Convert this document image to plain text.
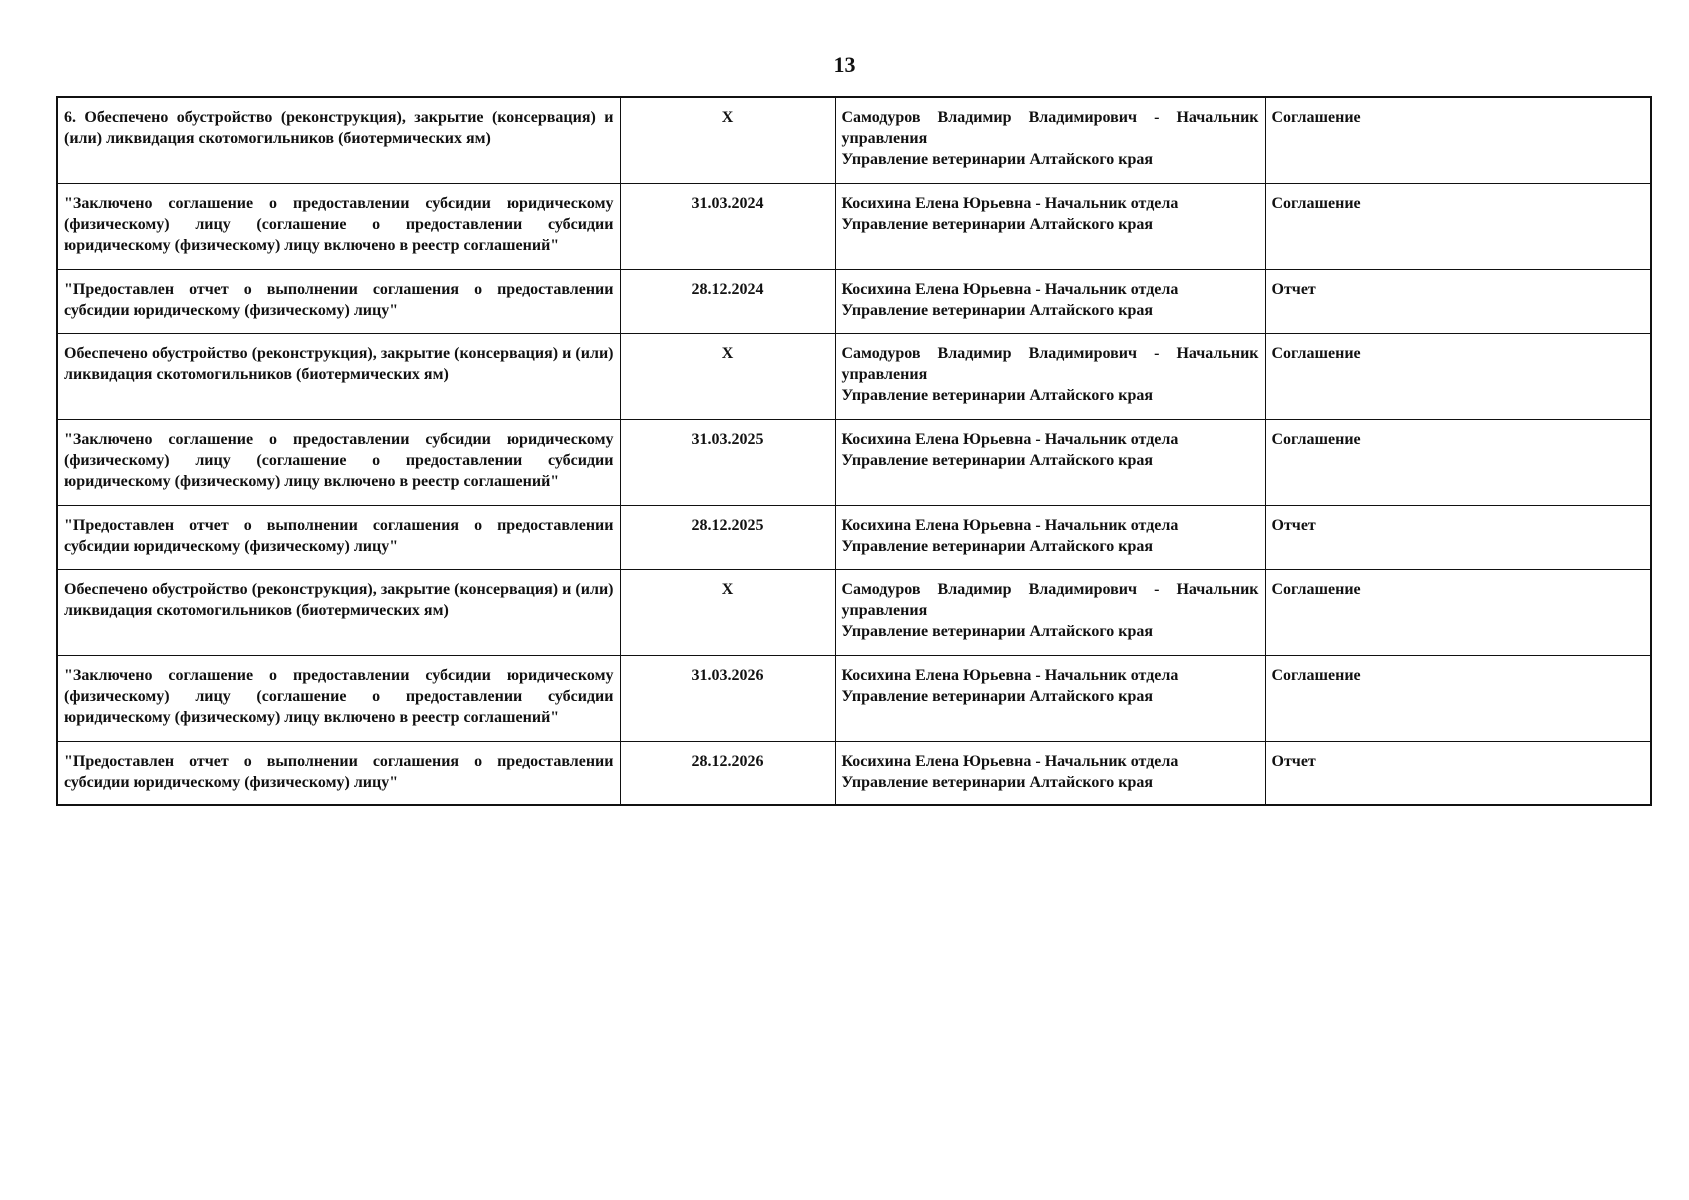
13
6. Обеспечено обустройство (реконструкция), закрытие (консервация) и (или) ликвидация скотомогильников (биотермических ям)	X	Самодуров Владимир Владимирович - Начальник управления
Управление ветеринарии Алтайского края	Соглашение
"Заключено соглашение о предоставлении субсидии юридическому (физическому) лицу (соглашение о предоставлении субсидии юридическому (физическому) лицу включено в реестр соглашений"	31.03.2024	Косихина Елена Юрьевна - Начальник отдела
Управление ветеринарии Алтайского края	Соглашение
"Предоставлен отчет о выполнении соглашения о предоставлении субсидии юридическому (физическому) лицу"	28.12.2024	Косихина Елена Юрьевна - Начальник отдела
Управление ветеринарии Алтайского края	Отчет
Обеспечено обустройство (реконструкция), закрытие (консервация) и (или) ликвидация скотомогильников (биотермических ям)	X	Самодуров Владимир Владимирович - Начальник управления
Управление ветеринарии Алтайского края	Соглашение
"Заключено соглашение о предоставлении субсидии юридическому (физическому) лицу (соглашение о предоставлении субсидии юридическому (физическому) лицу включено в реестр соглашений"	31.03.2025	Косихина Елена Юрьевна - Начальник отдела
Управление ветеринарии Алтайского края	Соглашение
"Предоставлен отчет о выполнении соглашения о предоставлении субсидии юридическому (физическому) лицу"	28.12.2025	Косихина Елена Юрьевна - Начальник отдела
Управление ветеринарии Алтайского края	Отчет
Обеспечено обустройство (реконструкция), закрытие (консервация) и (или) ликвидация скотомогильников (биотермических ям)	X	Самодуров Владимир Владимирович - Начальник управления
Управление ветеринарии Алтайского края	Соглашение
"Заключено соглашение о предоставлении субсидии юридическому (физическому) лицу (соглашение о предоставлении субсидии юридическому (физическому) лицу включено в реестр соглашений"	31.03.2026	Косихина Елена Юрьевна - Начальник отдела
Управление ветеринарии Алтайского края	Соглашение
"Предоставлен отчет о выполнении соглашения о предоставлении субсидии юридическому (физическому) лицу"	28.12.2026	Косихина Елена Юрьевна - Начальник отдела
Управление ветеринарии Алтайского края	Отчет
